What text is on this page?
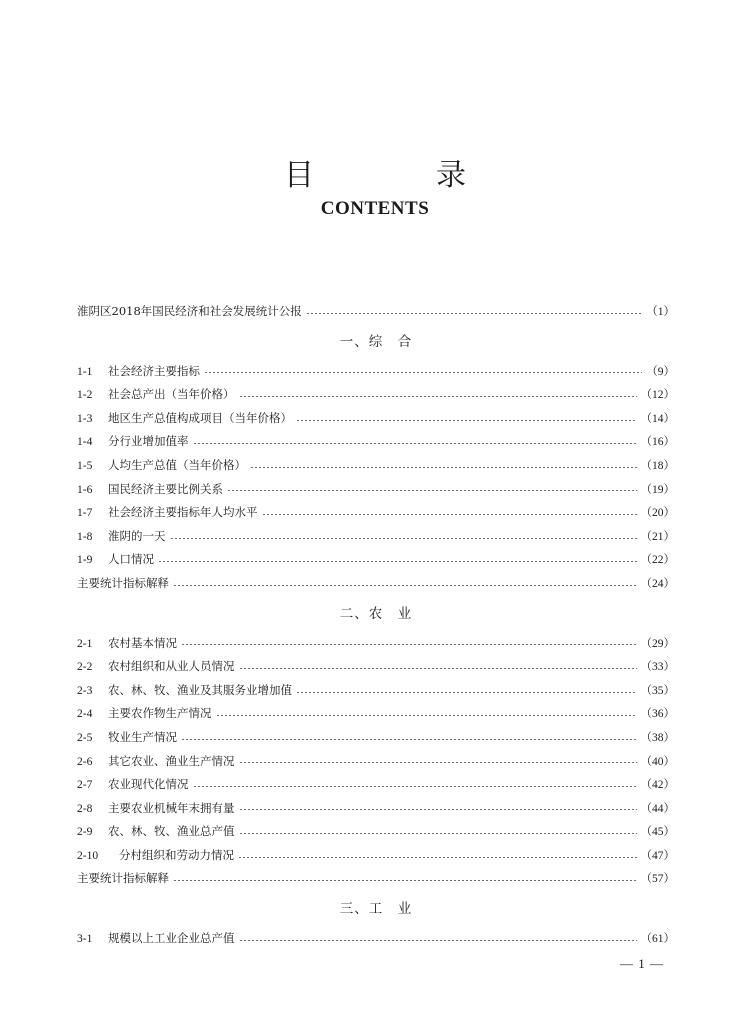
目　录
CONTENTS
淮阴区2018年国民经济和社会发展统计公报	（1）
一、综　合
1-1	社会经济主要指标	（9）
1-2	社会总产出（当年价格）	（12）
1-3	地区生产总值构成项目（当年价格）	（14）
1-4	分行业增加值率	（16）
1-5	人均生产总值（当年价格）	（18）
1-6	国民经济主要比例关系	（19）
1-7	社会经济主要指标年人均水平	（20）
1-8	淮阴的一天	（21）
1-9	人口情况	（22）
主要统计指标解释	（24）
二、农　业
2-1	农村基本情况	（29）
2-2	农村组织和从业人员情况	（33）
2-3	农、林、牧、渔业及其服务业增加值	（35）
2-4	主要农作物生产情况	（36）
2-5	牧业生产情况	（38）
2-6	其它农业、渔业生产情况	（40）
2-7	农业现代化情况	（42）
2-8	主要农业机械年末拥有量	（44）
2-9	农、林、牧、渔业总产值	（45）
2-10	分村组织和劳动力情况	（47）
主要统计指标解释	（57）
三、工　业
3-1	规模以上工业企业总产值	（61）
— 1 —
